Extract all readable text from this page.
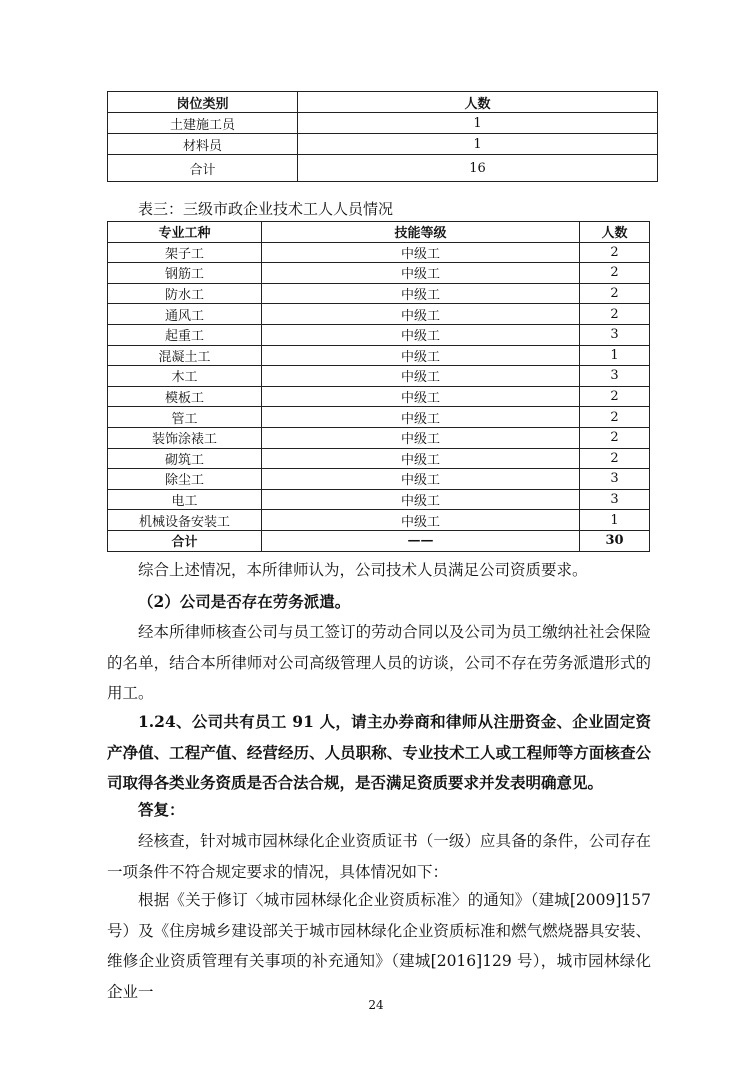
岗位类别	人数
土建施工员	1
材料员	1
合计	16
表三：三级市政企业技术工人人员情况
专业工种	技能等级	人数
架子工	中级工	2
钢筋工	中级工	2
防水工	中级工	2
通风工	中级工	2
起重工	中级工	3
混凝土工	中级工	1
木工	中级工	3
模板工	中级工	2
管工	中级工	2
装饰涂裱工	中级工	2
砌筑工	中级工	2
除尘工	中级工	3
电工	中级工	3
机械设备安装工	中级工	1
合计	——	30
综合上述情况，本所律师认为，公司技术人员满足公司资质要求。
（2）公司是否存在劳务派遣。
经本所律师核查公司与员工签订的劳动合同以及公司为员工缴纳社社会保险的名单，结合本所律师对公司高级管理人员的访谈，公司不存在劳务派遣形式的用工。
1.24、公司共有员工 91 人，请主办券商和律师从注册资金、企业固定资产净值、工程产值、经营经历、人员职称、专业技术工人或工程师等方面核查公司取得各类业务资质是否合法合规，是否满足资质要求并发表明确意见。
答复：
经核查，针对城市园林绿化企业资质证书（一级）应具备的条件，公司存在一项条件不符合规定要求的情况，具体情况如下：
根据《关于修订〈城市园林绿化企业资质标准〉的通知》（建城[2009]157 号）及《住房城乡建设部关于城市园林绿化企业资质标准和燃气燃烧器具安装、维修企业资质管理有关事项的补充通知》（建城[2016]129 号），城市园林绿化企业一
24
